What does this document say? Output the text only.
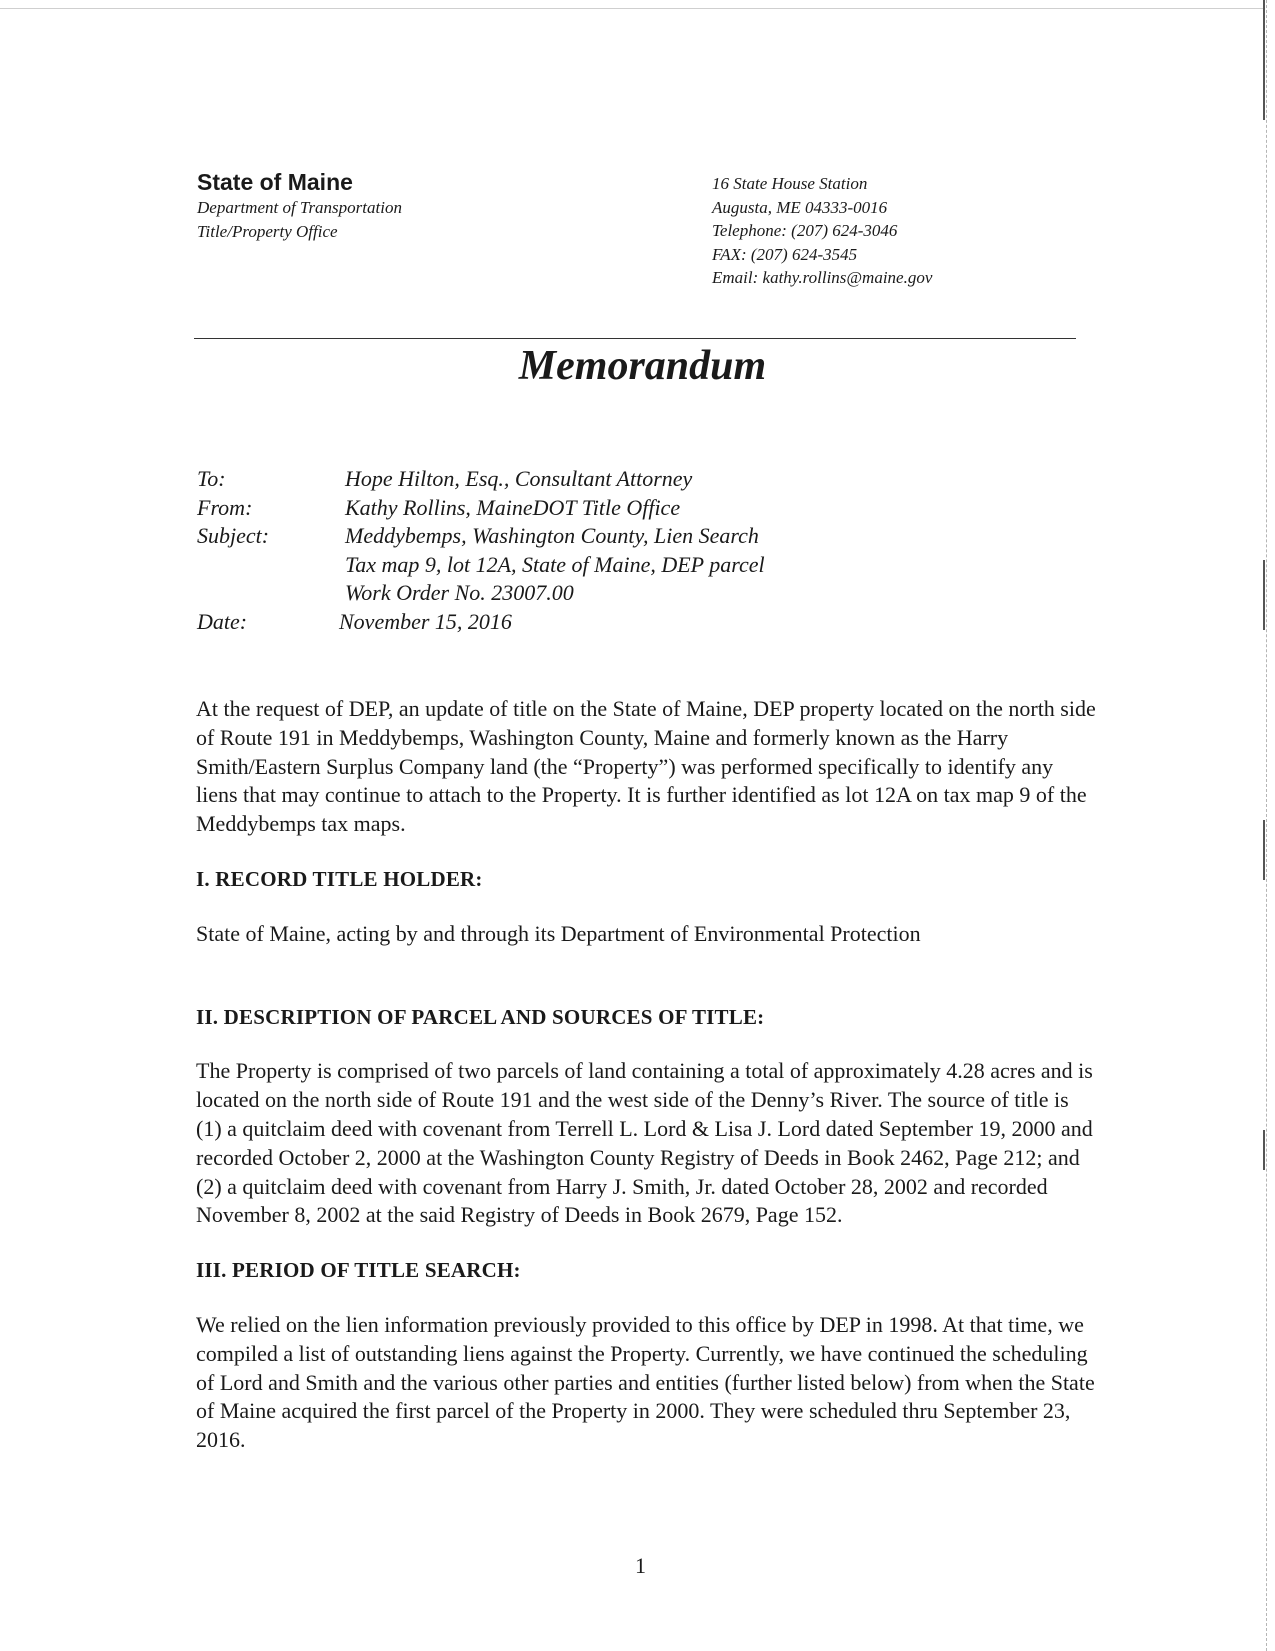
State of Maine

Department of Transportation

Title/Property Office

16 State House Station

Augusta, ME 04333-0016

Telephone: (207) 624-3046

FAX: (207) 624-3545

Email: kathy.rollins@maine.gov

Memorandum
To:	Hope Hilton, Esq., Consultant Attorney
From:	Kathy Rollins, MaineDOT Title Office
Subject:	Meddybemps, Washington County, Lien Search
Tax map 9, lot 12A, State of Maine, DEP parcel
Work Order No. 23007.00
Date:	November 15, 2016

At the request of DEP, an update of title on the State of Maine, DEP property located on the north side of Route 191 in Meddybemps, Washington County, Maine and formerly known as the Harry Smith/Eastern Surplus Company land (the “Property”) was performed specifically to identify any liens that may continue to attach to the Property. It is further identified as lot 12A on tax map 9 of the Meddybemps tax maps.

I. RECORD TITLE HOLDER:

State of Maine, acting by and through its Department of Environmental Protection

II. DESCRIPTION OF PARCEL AND SOURCES OF TITLE:

The Property is comprised of two parcels of land containing a total of approximately 4.28 acres and is located on the north side of Route 191 and the west side of the Denny’s River. The source of title is (1) a quitclaim deed with covenant from Terrell L. Lord & Lisa J. Lord dated September 19, 2000 and recorded October 2, 2000 at the Washington County Registry of Deeds in Book 2462, Page 212; and (2) a quitclaim deed with covenant from Harry J. Smith, Jr. dated October 28, 2002 and recorded November 8, 2002 at the said Registry of Deeds in Book 2679, Page 152.

III. PERIOD OF TITLE SEARCH:

We relied on the lien information previously provided to this office by DEP in 1998. At that time, we compiled a list of outstanding liens against the Property. Currently, we have continued the scheduling of Lord and Smith and the various other parties and entities (further listed below) from when the State of Maine acquired the first parcel of the Property in 2000. They were scheduled thru September 23, 2016.

1
